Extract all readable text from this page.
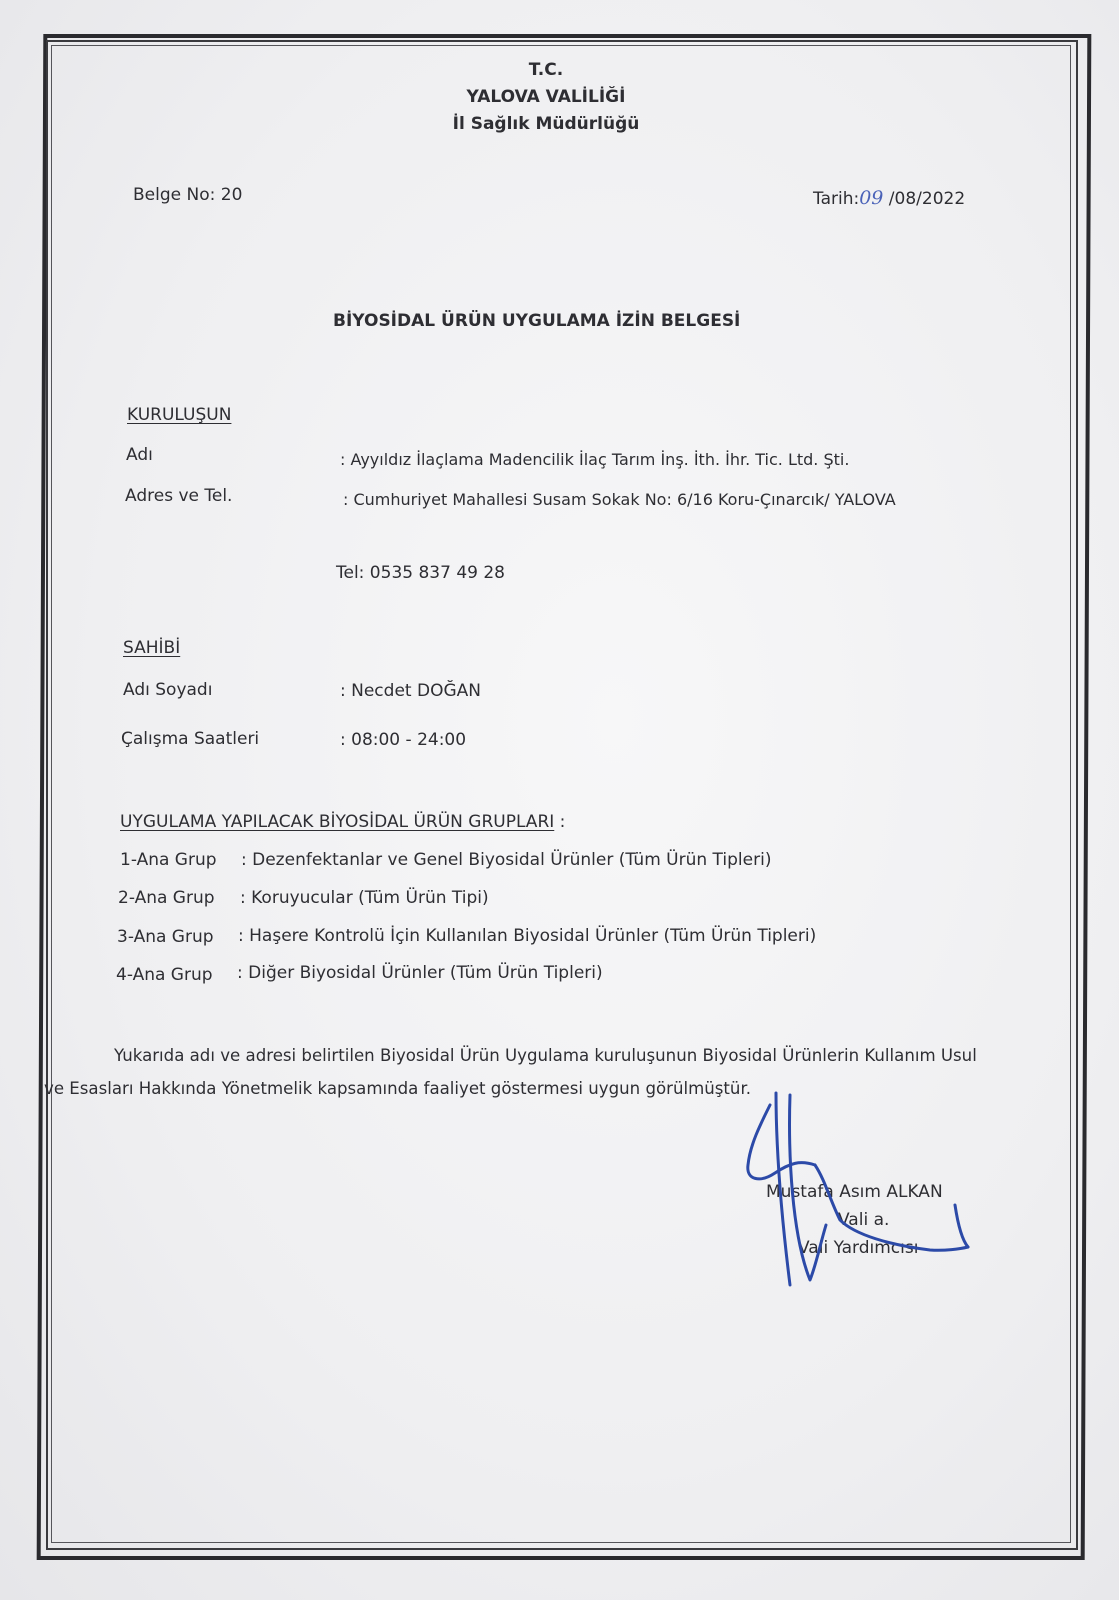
T.C.
YALOVA VALİLİĞİ
İl Sağlık Müdürlüğü
Belge No: 20	Tarih:09 /08/2022
BİYOSİDAL ÜRÜN UYGULAMA İZİN BELGESİ
KURULUŞUN
Adı	: Ayyıldız İlaçlama Madencilik İlaç Tarım İnş. İth. İhr. Tic. Ltd. Şti.
Adres ve Tel.	: Cumhuriyet Mahallesi Susam Sokak No: 6/16 Koru-Çınarcık/ YALOVA
Tel: 0535 837 49 28
SAHİBİ
Adı Soyadı	: Necdet DOĞAN
Çalışma Saatleri	: 08:00 - 24:00
UYGULAMA YAPILACAK BİYOSİDAL ÜRÜN GRUPLARI :
1-Ana Grup : Dezenfektanlar ve Genel Biyosidal Ürünler (Tüm Ürün Tipleri)
2-Ana Grup : Koruyucular (Tüm Ürün Tipi)
3-Ana Grup : Haşere Kontrolü İçin Kullanılan Biyosidal Ürünler (Tüm Ürün Tipleri)
4-Ana Grup : Diğer Biyosidal Ürünler (Tüm Ürün Tipleri)
Yukarıda adı ve adresi belirtilen Biyosidal Ürün Uygulama kuruluşunun Biyosidal Ürünlerin Kullanım Usul
ve Esasları Hakkında Yönetmelik kapsamında faaliyet göstermesi uygun görülmüştür.
Mustafa Asım ALKAN
Vali a.
Vali Yardımcısı
